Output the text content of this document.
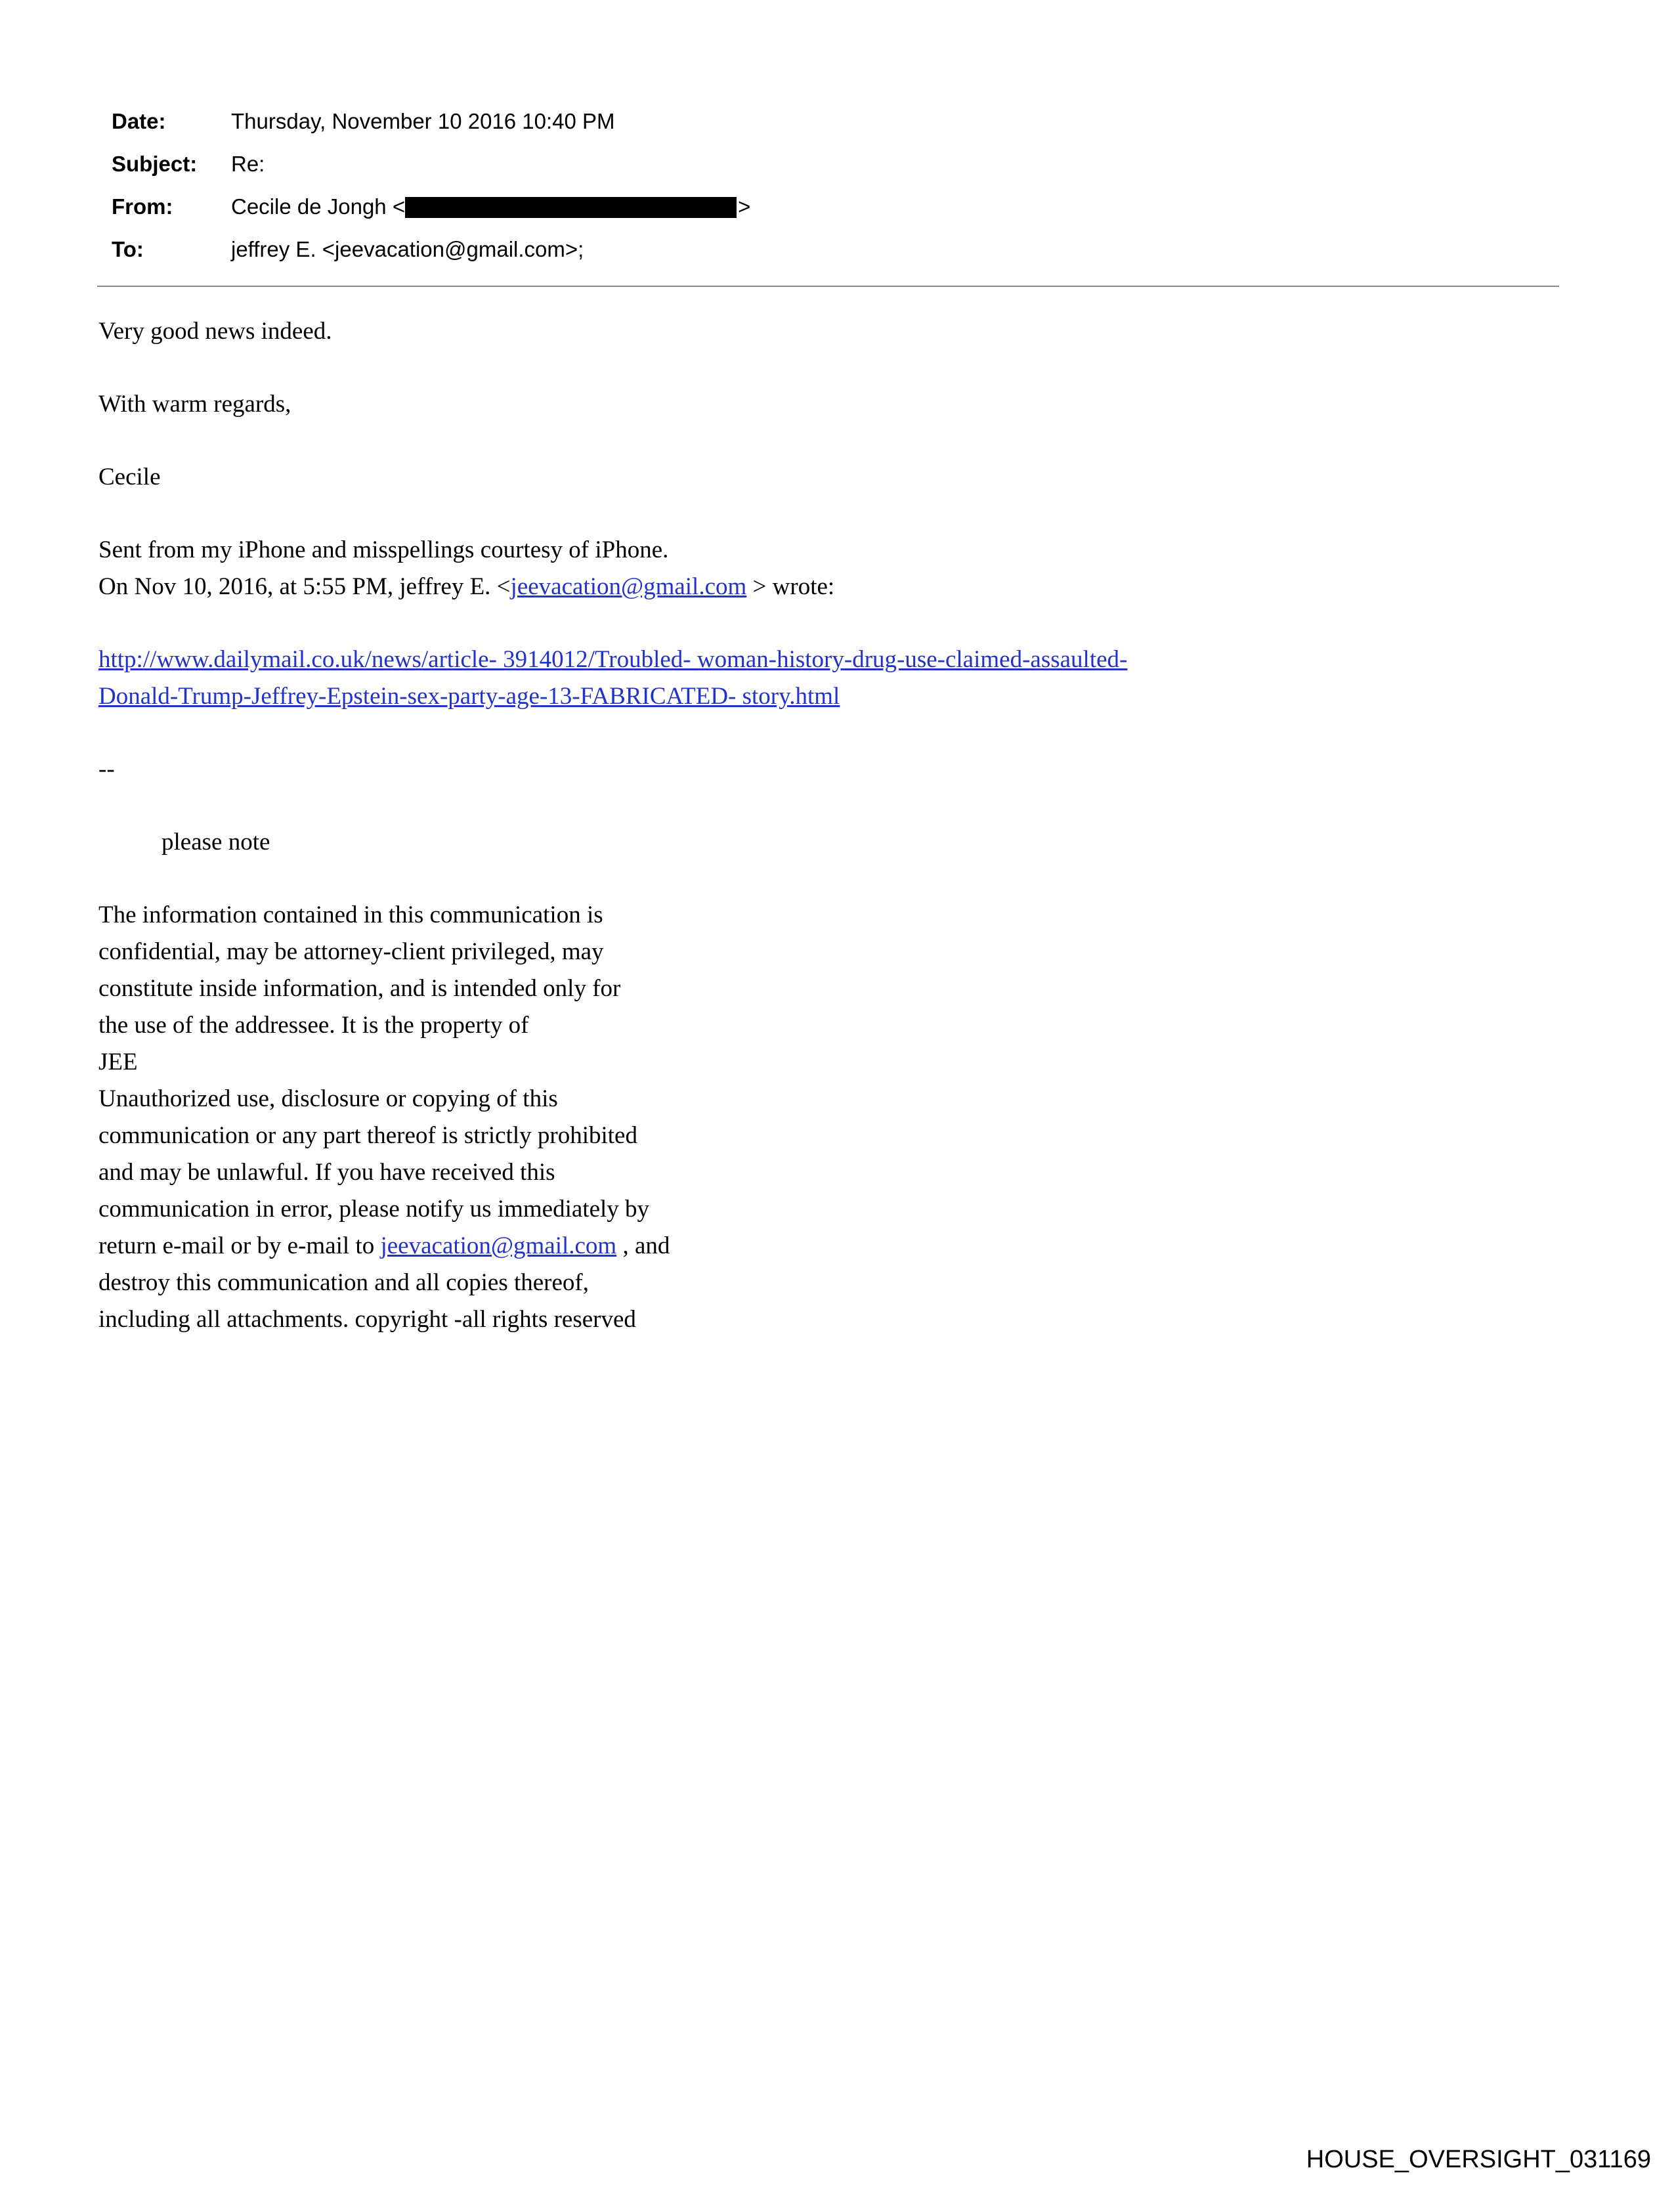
Date:	Thursday, November 10 2016 10:40 PM
Subject:	Re:
From:	Cecile de Jongh <	>
To:	jeffrey E. <jeevacation@gmail.com>;

Very good news indeed.

With warm regards,

Cecile

Sent from my iPhone and misspellings courtesy of iPhone.
On Nov 10, 2016, at 5:55 PM, jeffrey E. <jeevacation@gmail.com > wrote:

http://www.dailymail.co.uk/news/article- 3914012/Troubled- woman-history-drug-use-claimed-assaulted-
Donald-Trump-Jeffrey-Epstein-sex-party-age-13-FABRICATED- story.html

--

please note

The information contained in this communication is
confidential, may be attorney-client privileged, may
constitute inside information, and is intended only for
the use of the addressee. It is the property of
JEE
Unauthorized use, disclosure or copying of this
communication or any part thereof is strictly prohibited
and may be unlawful. If you have received this
communication in error, please notify us immediately by
return e-mail or by e-mail to jeevacation@gmail.com , and
destroy this communication and all copies thereof,
including all attachments. copyright -all rights reserved
HOUSE_OVERSIGHT_031169
